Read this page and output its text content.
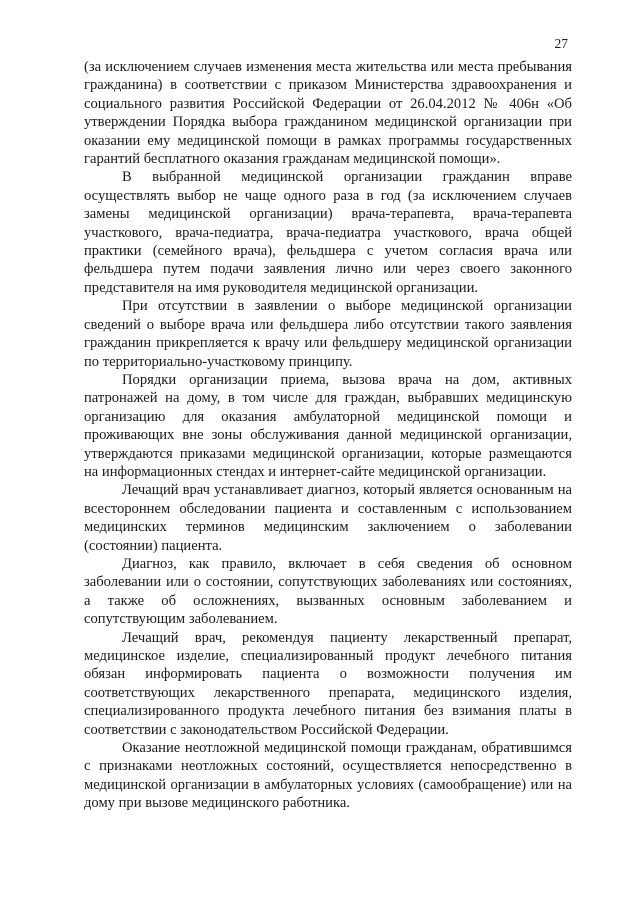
27

(за исключением случаев изменения места жительства или места пребывания гражданина) в соответствии с приказом Министерства здравоохранения и социального развития Российской Федерации от 26.04.2012 № 406н «Об утверждении Порядка выбора гражданином медицинской организации при оказании ему медицинской помощи в рамках программы государственных гарантий бесплатного оказания гражданам медицинской помощи».

В выбранной медицинской организации гражданин вправе осуществлять выбор не чаще одного раза в год (за исключением случаев замены медицинской организации) врача-терапевта, врача-терапевта участкового, врача-педиатра, врача-педиатра участкового, врача общей практики (семейного врача), фельдшера с учетом согласия врача или фельдшера путем подачи заявления лично или через своего законного представителя на имя руководителя медицинской организации.

При отсутствии в заявлении о выборе медицинской организации сведений о выборе врача или фельдшера либо отсутствии такого заявления гражданин прикрепляется к врачу или фельдшеру медицинской организации по территориально-участковому принципу.

Порядки организации приема, вызова врача на дом, активных патронажей на дому, в том числе для граждан, выбравших медицинскую организацию для оказания амбулаторной медицинской помощи и проживающих вне зоны обслуживания данной медицинской организации, утверждаются приказами медицинской организации, которые размещаются на информационных стендах и интернет-сайте медицинской организации.

Лечащий врач устанавливает диагноз, который является основанным на всестороннем обследовании пациента и составленным с использованием медицинских терминов медицинским заключением о заболевании (состоянии) пациента.

Диагноз, как правило, включает в себя сведения об основном заболевании или о состоянии, сопутствующих заболеваниях или состояниях, а также об осложнениях, вызванных основным заболеванием и сопутствующим заболеванием.

Лечащий врач, рекомендуя пациенту лекарственный препарат, медицинское изделие, специализированный продукт лечебного питания обязан информировать пациента о возможности получения им соответствующих лекарственного препарата, медицинского изделия, специализированного продукта лечебного питания без взимания платы в соответствии с законодательством Российской Федерации.

Оказание неотложной медицинской помощи гражданам, обратившимся с признаками неотложных состояний, осуществляется непосредственно в медицинской организации в амбулаторных условиях (самообращение) или на дому при вызове медицинского работника.
